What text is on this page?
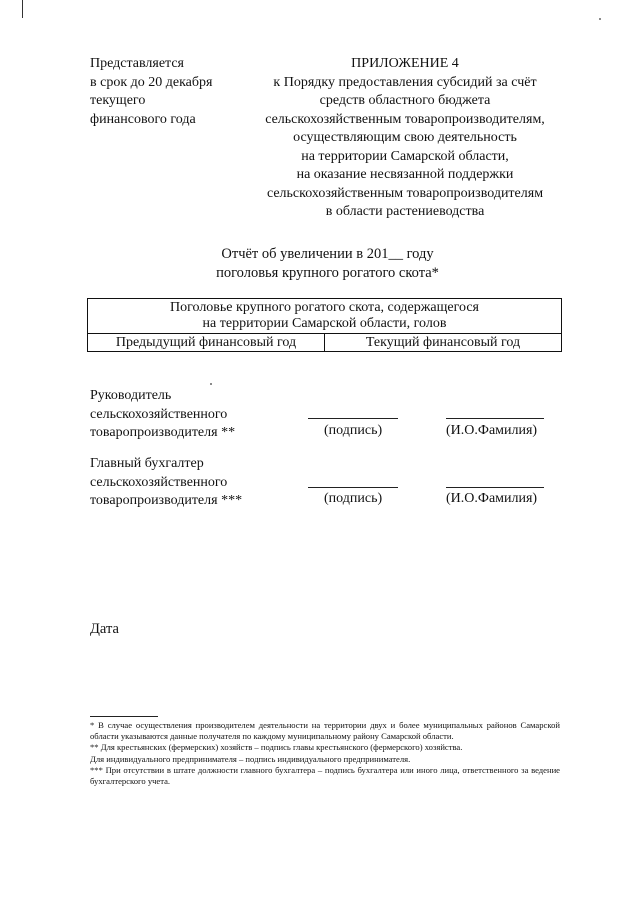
Представляется
в срок до 20 декабря
текущего
финансового года
ПРИЛОЖЕНИЕ 4
к Порядку предоставления субсидий за счёт
средств областного бюджета
сельскохозяйственным товаропроизводителям,
осуществляющим свою деятельность
на территории Самарской области,
на оказание несвязанной поддержки
сельскохозяйственным товаропроизводителям
в области растениеводства
Отчёт об увеличении в 201__ году
поголовья крупного рогатого скота*
Поголовье крупного рогатого скота, содержащегося
на территории Самарской области, голов

Предыдущий финансовый год	Текущий финансовый год
Руководитель
сельскохозяйственного
товаропроизводителя **	(подпись)	(И.О.Фамилия)
Главный бухгалтер
сельскохозяйственного
товаропроизводителя ***	(подпись)	(И.О.Фамилия)
Дата

* В случае осуществления производителем деятельности на территории двух и более муниципальных районов Самарской области указываются данные получателя по каждому муниципальному району Самарской области.

** Для крестьянских (фермерских) хозяйств – подпись главы крестьянского (фермерского) хозяйства.

Для индивидуального предпринимателя – подпись индивидуального предпринимателя.

*** При отсутствии в штате должности главного бухгалтера – подпись бухгалтера или иного лица, ответственного за ведение бухгалтерского учета.
